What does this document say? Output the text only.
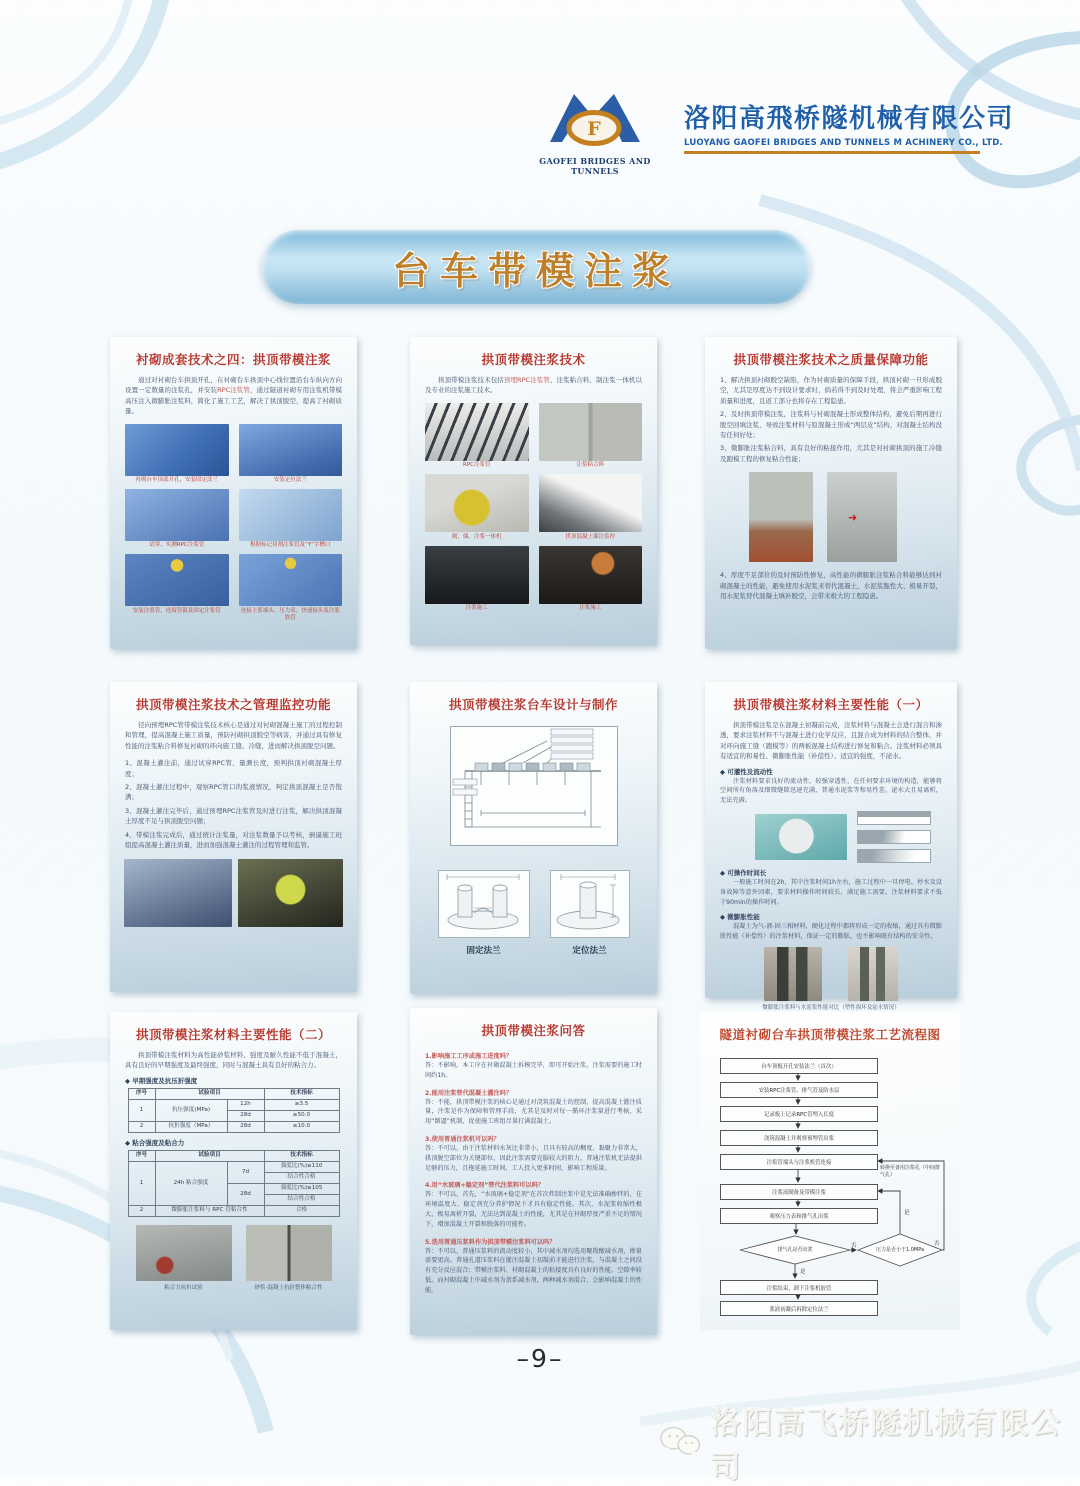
F
GAOFEI BRIDGES AND TUNNELS
洛阳高飛桥隧机械有限公司
LUOYANG GAOFEI BRIDGES AND TUNNELS M ACHINERY CO., LTD.
台车带模注浆
衬砌成套技术之四：拱顶带模注浆
通过对衬砌台车拱顶开孔，在衬砌台车拱顶中心线位置沿台车纵向方向设置一定数量的注浆孔，并安装RPC注浆管，通过隧道衬砌专用注浆机带模高压注入微膨胀注浆料，简化了施工工艺，解决了拱顶脱空，提高了衬砌质量。
衬砌台车顶部开孔，安装固定法兰	安装定位法兰
试穿、实测RPC注浆管	根据标记切割注浆管及“Y”字槽口
安装注浆管，连接管箍及固定注浆管	连接上浆端头、压力表、快速接头及注浆软管
拱顶带模注浆技术
拱顶带模注浆技术包括预埋RPC注浆管、注浆粘合料、制注浆一体机以及专业的注浆施工技术。
RPC注浆管	注浆粘合料
制、储、注浆一体机	拱顶混凝土灌注监控
注浆施工	注浆施工
拱顶带模注浆技术之质量保障功能
1、解决拱顶衬砌脱空缺陷，作为衬砌质量的保障手段，拱顶衬砌一旦形成脱空，尤其是厚度达不到设计要求时，倘若得不到及时处理，将会严重影响工程质量和进度，且返工部分也将存在工程隐患。
2、及时拱顶带模注浆，注浆料与衬砌混凝土形成整体结构，避免后期再进行脱空回填注浆，导致注浆材料与原混凝土形成“两层皮”结构，对混凝土结构没有任何好处；
3、微膨胀注浆粘合料，具有良好的粘接作用，尤其是对衬砌拱顶的施工冷缝及跑模工程的修复粘合性能；
➜
4、厚度不足部位的及时预防性修复，高性能的微膨胀注浆粘合料能够达到衬砌混凝土的性能，避免使用水泥浆来替代混凝土，水泥浆脆性大、极易开裂，用水泥浆替代混凝土填补脱空，会带来极大的工程隐患。
拱顶带模注浆技术之管理监控功能
径向预埋RPC管带模注浆技术核心是通过对衬砌混凝土施工的过程控制和管理，提高混凝土施工质量，预防衬砌拱顶脱空等病害，并通过具有修复性能的注浆粘合料修复衬砌的环向施工缝、冷缝，进而解决拱顶脱空问题。
1、混凝土灌注前，通过试穿RPC管、量测长度，预判拱顶衬砌混凝土厚度；
2、混凝土灌注过程中，观察RPC管口的浆液情况，判定拱顶混凝土是否饱满；
3、混凝土灌注完毕后，通过预埋RPC注浆管及时进行注浆，解决拱顶混凝土厚度不足与拱顶脱空问题；
4、带模注浆完成后，通过统计注浆量，对注浆数量予以考核，倒逼施工班组提高混凝土灌注质量，进而加强混凝土灌注的过程管理和监管。
拱顶带模注浆台车设计与制作
固定法兰	定位法兰
拱顶带模注浆材料主要性能（一）
拱顶带模注浆是在混凝土初凝前完成，注浆材料与混凝土会进行混合和渗透，要求注浆材料不与混凝土进行化学反应，且混合成为材料的结合整体，并对环向施工缝（跑模等）的两板混凝土结构进行修复和粘合。注浆材料必须具有适宜的和易性、微膨胀性能（补偿性）、适宜的强度，不泌水。
◆ 可灌性及流动性
注浆材料要求良好的流动性、较强穿透性，在任何要求环境的构造，能够将空间所有角落及细微缝隙迅速充满，普通水泥浆等和易性差，泌水大且易离析，无法充满。
◆ 可操作时间长
一般施工时间在2h，其中注浆时间1h左右，施工过程中一旦停电、停水及设备故障等意外因素，要求材料操作时间较长，满足施工需要。注浆材料要求不低于90min的操作时间。
◆ 微膨胀性能
混凝土为气-液-固三相材料，硬化过程中都将形成一定的收缩，通过具有微膨胀性能（补偿性）的注浆材料，保证一定的膨胀，也不影响既有结构的安全性。
微膨胀注浆料与水泥浆性能对比（塑性损坏及泌水情况）
拱顶带模注浆材料主要性能（二）
拱顶带模注浆材料为高性能砂浆材料，强度及耐久性能不低于混凝土，具有良好的早期强度及最终强度，同时与混凝土具有良好的粘合力。
◆ 早期强度及抗压折强度
序号	试验项目		技术指标
1	抗压强度(MPa)	12h	≥3.5
		28d	≥50.0
2	抗折强度（MPa）	28d	≥10.0
◆ 粘合强度及粘合力
序号	试验项目		技术指标
1	24h 粘合强度	7d	强度比(%)≥110
			结合性合格
		28d	强度比(%)≥105
			结合性合格
2	微膨胀注浆料与 RPC 管粘合性		合格
粘合力抗折试验	砂浆-混凝土抗折整体粘合性
拱顶带模注浆问答
1.影响施工工序或施工进度吗？
答：不影响，本工序在衬砌混凝土拆模完毕，即可开始注浆，注浆需要的施工时间约1h。
2.能用注浆替代混凝土灌注吗？
答：不能，拱顶带模注浆的核心是通过对浇筑混凝土的控制，提高混凝土灌注质量，注浆是作为保障和管理手段，尤其是及时对每一循环注浆量进行考核，采用“倒逼”机制，促使施工班组尽量打满混凝土。
3.使用普通注浆机可以吗？
答：不可以，由于注浆材料水灰比非常小，且具有较高的稠度、黏聚力非常大，拱顶脱空部位为关键部位，因此注浆需要克服较大的阻力，普通注浆机无法提供足够的压力，且拖延施工时间、工人投入更多时间，影响工程质量。
4.用“水玻璃+稳定剂”替代注浆料可以吗？
答：不可以，首先，“水玻璃+稳定剂”在首次拌制注浆中是无法准确掺拌的，在环境温度大、稳定剂充分养护情况下才具有稳定性能。其次，水泥浆收缩性极大，极易离析开裂，无法达到混凝土的性能，尤其是在衬砌厚度严重不足的情况下，增加混凝土开裂和脱落的可能性。
5.选用普通压浆料作为拱顶带模注浆料可以吗？
答：不可以，普通压浆料的流动度较小，其中减水剂均选用聚羧酸减水剂，掺量需要更高。普通孔道压浆料在灌注混凝土初凝前才能进行注浆，与混凝土之间没有充分反应混合；带模注浆料、衬砌混凝土的粘接度具有良好的性能，空隙率较低。而衬砌混凝土中减水剂为萘系减水剂，两种减水剂混合，会影响混凝土的性能。
隧道衬砌台车拱顶带模注浆工艺流程图
台车顶板开孔安装法兰（首次）
安装RPC注浆管、排气管及防水层
记录板上记录RPC管埋入长度
浇筑混凝土并观察预埋管出浆
注浆管端头与注浆机管连接
注浆液制备及带模注浆
观察压力表和排气孔出浆
排气孔是否出浆	压力是否小于1.0MPa
转换至备用注浆孔（中间排气孔）
否
是
是
否
注浆结束，卸下注浆机胶管
浆液初凝后拆除定位法兰
–9–
洛阳高飞桥隧机械有限公司
